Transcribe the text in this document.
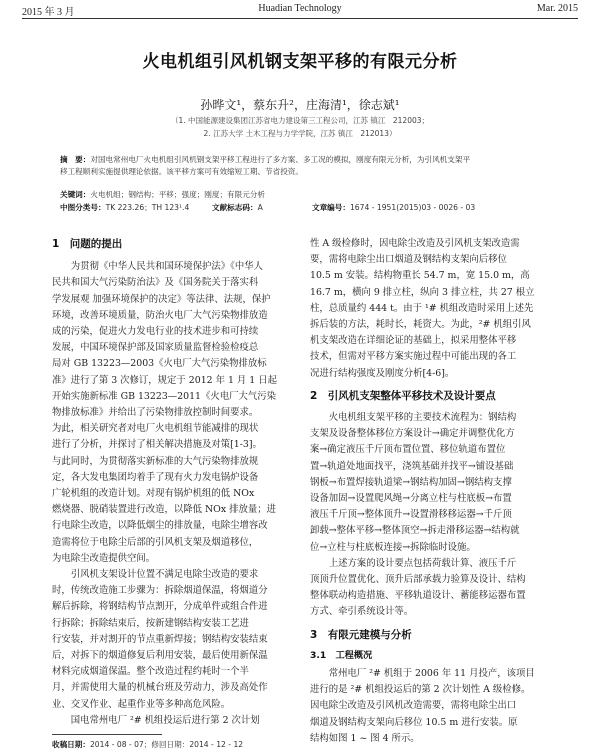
2015 年 3 月	Huadian Technology	Mar. 2015
火电机组引风机钢支架平移的有限元分析
孙晔文¹，蔡东升²，庄海清¹，徐志斌¹
（1. 中国能源建设集团江苏省电力建设第三工程公司，江苏 镇江　212003；
2. 江苏大学 土木工程与力学学院，江苏 镇江　212013）
摘　要：对国电常州电厂火电机组引风机钢支架平移工程进行了多方案、多工况的模拟，刚度有限元分析，为引风机支架平
移工程顺利实施提供理论依据。该平移方案可有效缩短工期、节省投资。
关键词：火电机组；钢结构；平移；强度；刚度；有限元分析
中图分类号：TK 223.26；TH 123¹.4	文献标志码：A	文章编号：1674 - 1951(2015)03 - 0026 - 03
1　问题的提出
为贯彻《中华人民共和国环境保护法》《中华人
民共和国大气污染防治法》及《国务院关于落实科
学发展观 加强环境保护的决定》等法律、法规，保护
环境，改善环境质量，防治火电厂大气污染物排放造
成的污染，促进火力发电行业的技术进步和可持续
发展，中国环境保护部及国家质量监督检验检疫总
局对 GB 13223—2003《火电厂大气污染物排放标
准》进行了第 3 次修订，规定于 2012 年 1 月 1 日起
开始实施新标准 GB 13223—2011《火电厂大气污染
物排放标准》并给出了污染物排放控制时间要求。
为此，相关研究者对电厂火电机组节能减排的现状
进行了分析，并探讨了相关解决措施及对策[1-3]。
与此同时，为贯彻落实新标准的大气污染物排放规
定，各大发电集团均着手了现有火力发电锅炉设备
广轮机组的改造计划。对现有锅炉机组的低 NOx
燃烧器、脱硝装置进行改造，以降低 NOx 排放量；进
行电除尘改造，以降低烟尘的排放量，电除尘增容改
造需将位于电除尘后部的引风机支架及烟道移位，
为电除尘改造提供空间。
引风机支架设计位置不满足电除尘改造的要求
时，传统改造施工步骤为：拆除烟道保温，将烟道分
解后拆除，将钢结构节点割开，分成单件或组合件进
行拆除；拆除结束后，按新建钢结构安装工艺进
行安装，并对割开的节点重新焊接；钢结构安装结束
后，对拆下的烟道修复后利用安装，最后使用新保温
材料完成烟道保温。整个改造过程约耗时一个半
月，并需使用大量的机械台班及劳动力，涉及高处作
业、交叉作业、起重作业等多种高危风险。
国电常州电厂 ²# 机组投运后进行第 2 次计划
性 A 级检修时，因电除尘改造及引风机支架改造需
要，需将电除尘出口烟道及钢结构支架向后移位
10.5 m 安装。结构物重长 54.7 m，宽 15.0 m，高
16.7 m，横向 9 排立柱，纵向 3 排立柱，共 27 根立
柱，总质量约 444 t。由于 ¹# 机组改造时采用上述先
拆后装的方法，耗时长，耗资大。为此，²# 机组引风
机支架改造在详细论证的基础上，拟采用整体平移
技术，但需对平移方案实施过程中可能出现的各工
况进行结构强度及刚度分析[4-6]。
2　引风机支架整体平移技术及设计要点
火电机组支架平移的主要技术流程为：钢结构
支架及设备整体移位方案设计→确定并调整优化方
案→确定液压千斤顶布置位置、移位轨道布置位
置→轨道处地面找平，浇筑基础并找平→铺设基础
钢板→布置焊接轨道梁→钢结构加固→钢结构支撑
设备加固→设置爬风绳→分离立柱与柱底板→布置
液压千斤顶→整体顶升→设置滑移移运器→千斤顶
卸载→整体平移→整体顶空→拆走滑移运器→结构就
位→立柱与柱底板连接→拆除临时设施。
上述方案的设计要点包括荷载计算、液压千斤
顶顶升位置优化、顶升后部承载力验算及设计、结构
整体联动构造措施、平移轨道设计、蓄能移运器布置
方式、牵引系统设计等。
3　有限元建模与分析
3.1　工程概况
常州电厂 ²# 机组于 2006 年 11 月投产，该项目
进行的是 ²# 机组投运后的第 2 次计划性 A 级检修。
因电除尘改造及引风机改造需要，需将电除尘出口
烟道及钢结构支架向后移位 10.5 m 进行安装。原
结构如图 1 ~ 图 4 所示。
收稿日期：2014 - 08 - 07；修回日期：2014 - 12 - 12
